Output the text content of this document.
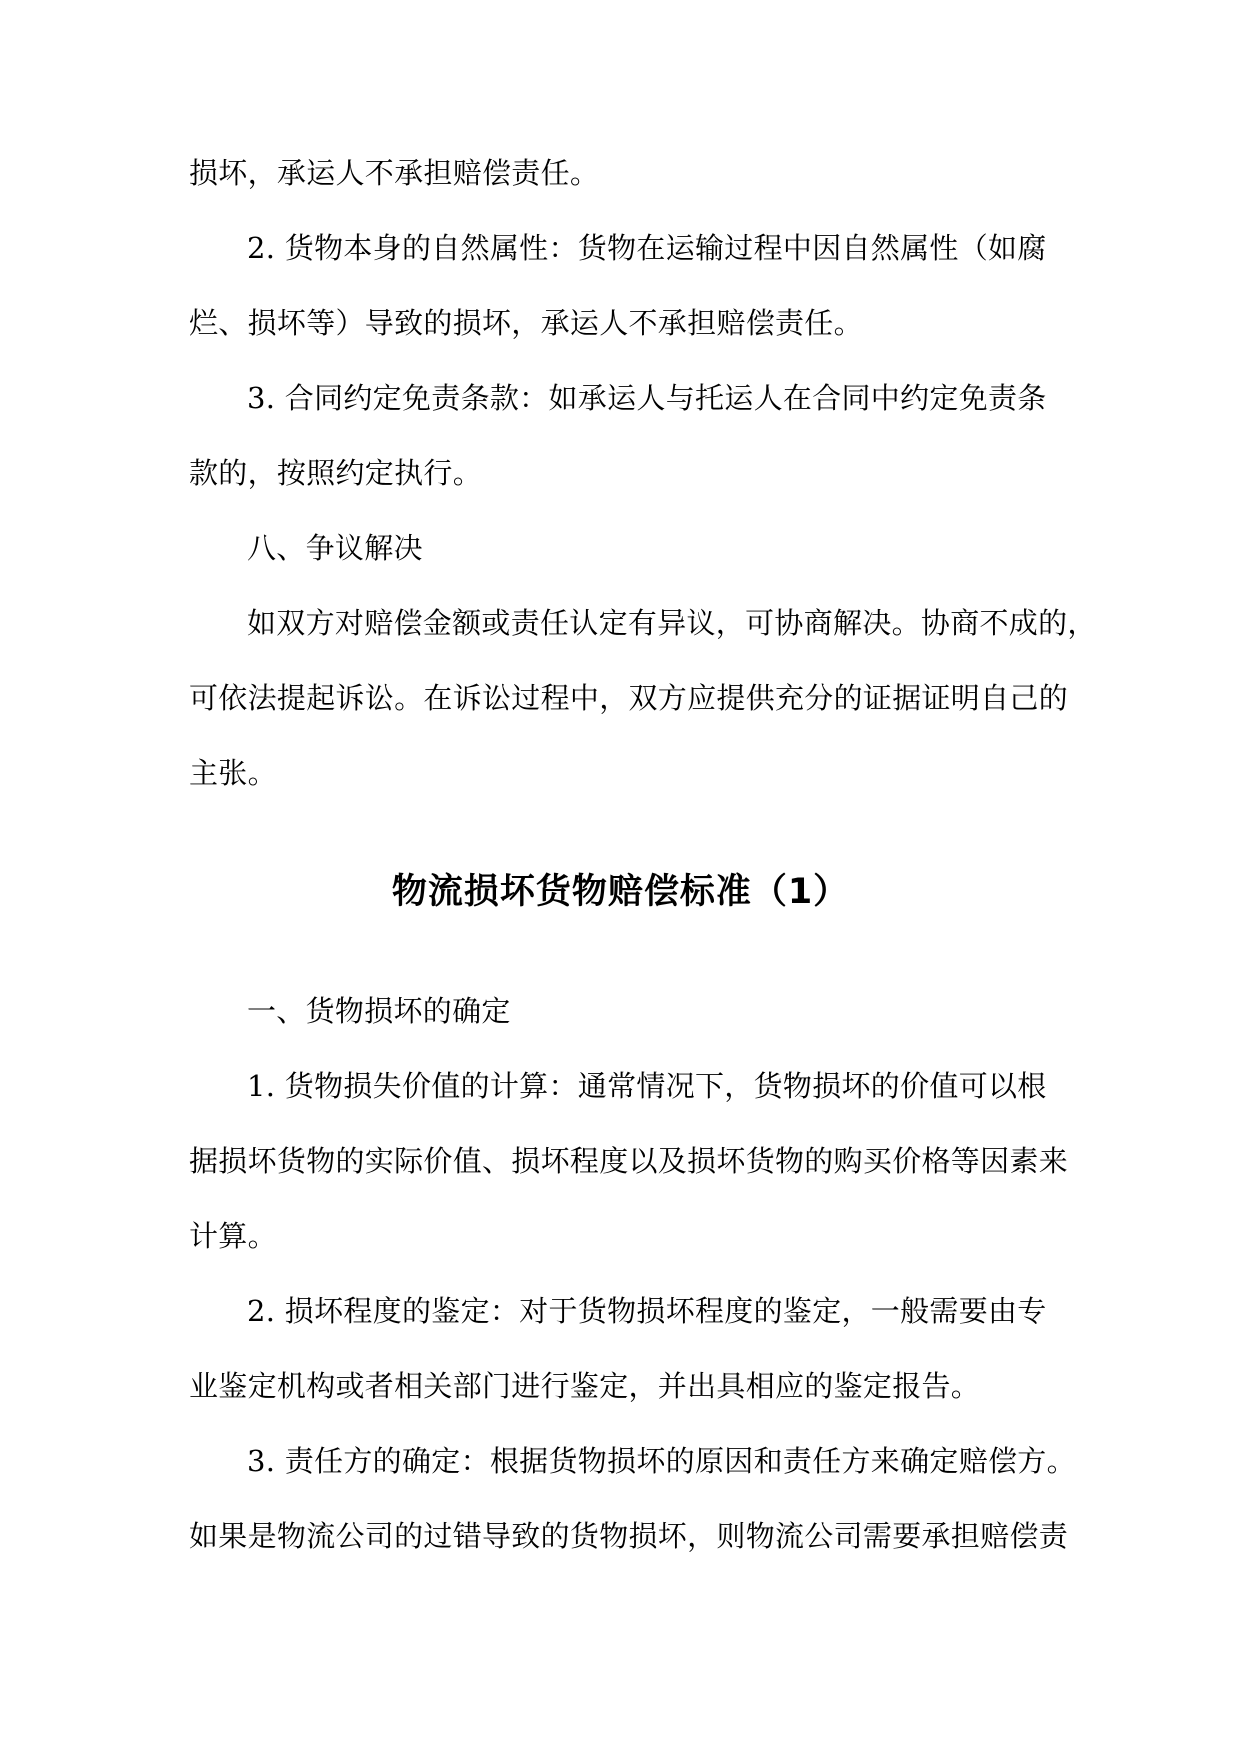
损坏，承运人不承担赔偿责任。
2. 货物本身的自然属性：货物在运输过程中因自然属性（如腐
烂、损坏等）导致的损坏，承运人不承担赔偿责任。
3. 合同约定免责条款：如承运人与托运人在合同中约定免责条
款的，按照约定执行。
八、争议解决
如双方对赔偿金额或责任认定有异议，可协商解决。协商不成的，
可依法提起诉讼。在诉讼过程中，双方应提供充分的证据证明自己的
主张。
物流损坏货物赔偿标准（1）
一、货物损坏的确定
1. 货物损失价值的计算：通常情况下，货物损坏的价值可以根
据损坏货物的实际价值、损坏程度以及损坏货物的购买价格等因素来
计算。
2. 损坏程度的鉴定：对于货物损坏程度的鉴定，一般需要由专
业鉴定机构或者相关部门进行鉴定，并出具相应的鉴定报告。
3. 责任方的确定：根据货物损坏的原因和责任方来确定赔偿方。
如果是物流公司的过错导致的货物损坏，则物流公司需要承担赔偿责
